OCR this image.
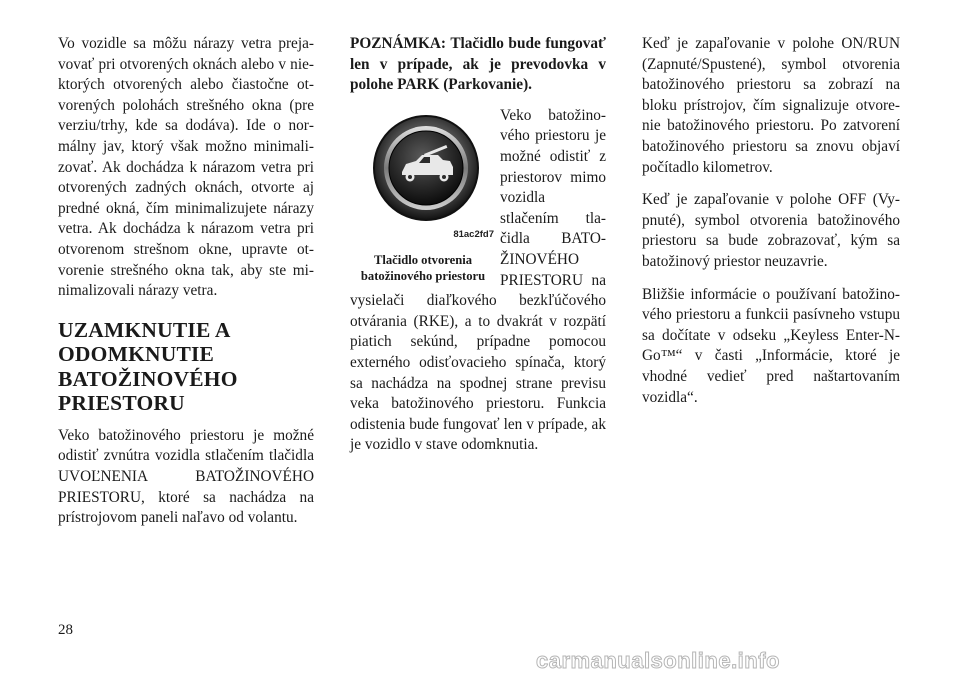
Vo vozidle sa môžu nárazy vetra prejavovať pri otvorených oknách alebo v niektorých otvorených alebo čiastočne otvorených polohách strešného okna (pre verziu/trhy, kde sa dodáva). Ide o normálny jav, ktorý však možno minimalizovať. Ak dochádza k nárazom vetra pri otvorených zadných oknách, otvorte aj predné okná, čím minimalizujete nárazy vetra. Ak dochádza k nárazom vetra pri otvorenom strešnom okne, upravte otvorenie strešného okna tak, aby ste minimalizovali nárazy vetra.

UZAMKNUTIE A
ODOMKNUTIE
BATOŽINOVÉHO
PRIESTORU

Veko batožinového priestoru je možné odistiť zvnútra vozidla stlačením tlačidla UVOĽNENIA BATOŽINOVÉHO PRIESTORU, ktoré sa nachádza na prístrojovom paneli naľavo od volantu.

POZNÁMKA: Tlačidlo bude fungovať len v prípade, ak je prevodovka v polohe PARK (Parkovanie).

81ac2fd7
Tlačidlo otvorenia
batožinového priestoru

Veko batožinového priestoru je možné odistiť z priestorov mimo vozidla stlačením tlačidla BATOŽINOVÉHO PRIESTORU na vysielači diaľkového bezkľúčového otvárania (RKE), a to dvakrát v rozpätí piatich sekúnd, prípadne pomocou externého odisťovacieho spínača, ktorý sa nachádza na spodnej strane previsu veka batožinového priestoru. Funkcia odistenia bude fungovať len v prípade, ak je vozidlo v stave odomknutia.

Keď je zapaľovanie v polohe ON/RUN (Zapnuté/Spustené), symbol otvorenia batožinového priestoru sa zobrazí na bloku prístrojov, čím signalizuje otvorenie batožinového priestoru. Po zatvorení batožinového priestoru sa znovu objaví počítadlo kilometrov.

Keď je zapaľovanie v polohe OFF (Vypnuté), symbol otvorenia batožinového priestoru sa bude zobrazovať, kým sa batožinový priestor neuzavrie.

Bližšie informácie o používaní batožinového priestoru a funkcii pasívneho vstupu sa dočítate v odseku „Keyless Enter-N-Go™“ v časti „Informácie, ktoré je vhodné vedieť pred naštartovaním vozidla“.

28
carmanualsonline.info
